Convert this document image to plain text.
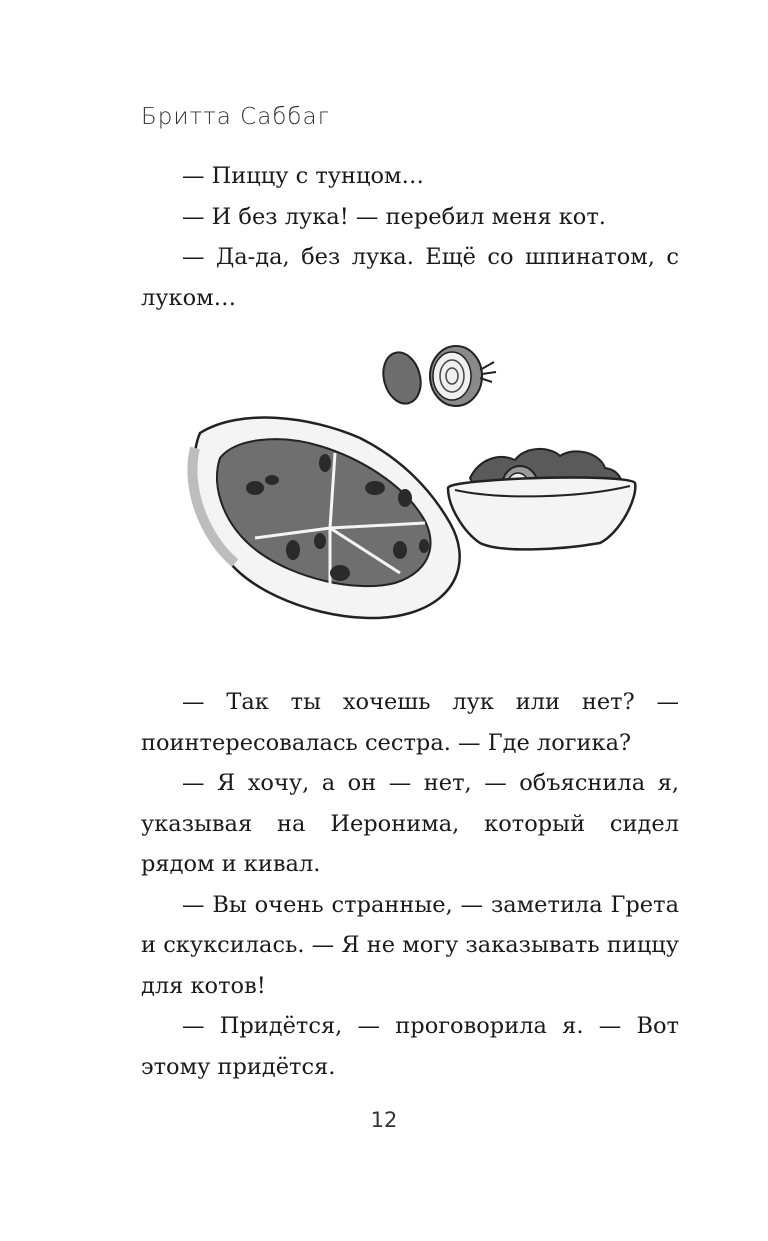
Бритта Саббаг

— Пиццу с тунцом…

— И без лука! — перебил меня кот.

— Да-да, без лука. Ещё со шпинатом, с луком…

— Так ты хочешь лук или нет? — поинтересовалась сестра. — Где логика?

— Я хочу, а он — нет, — объяснила я, указывая на Иеронима, который сидел рядом и кивал.

— Вы очень странные, — заметила Грета и скуксилась. — Я не могу заказывать пиццу для котов!

— Придётся, — проговорила я. — Вот этому придётся.

12
